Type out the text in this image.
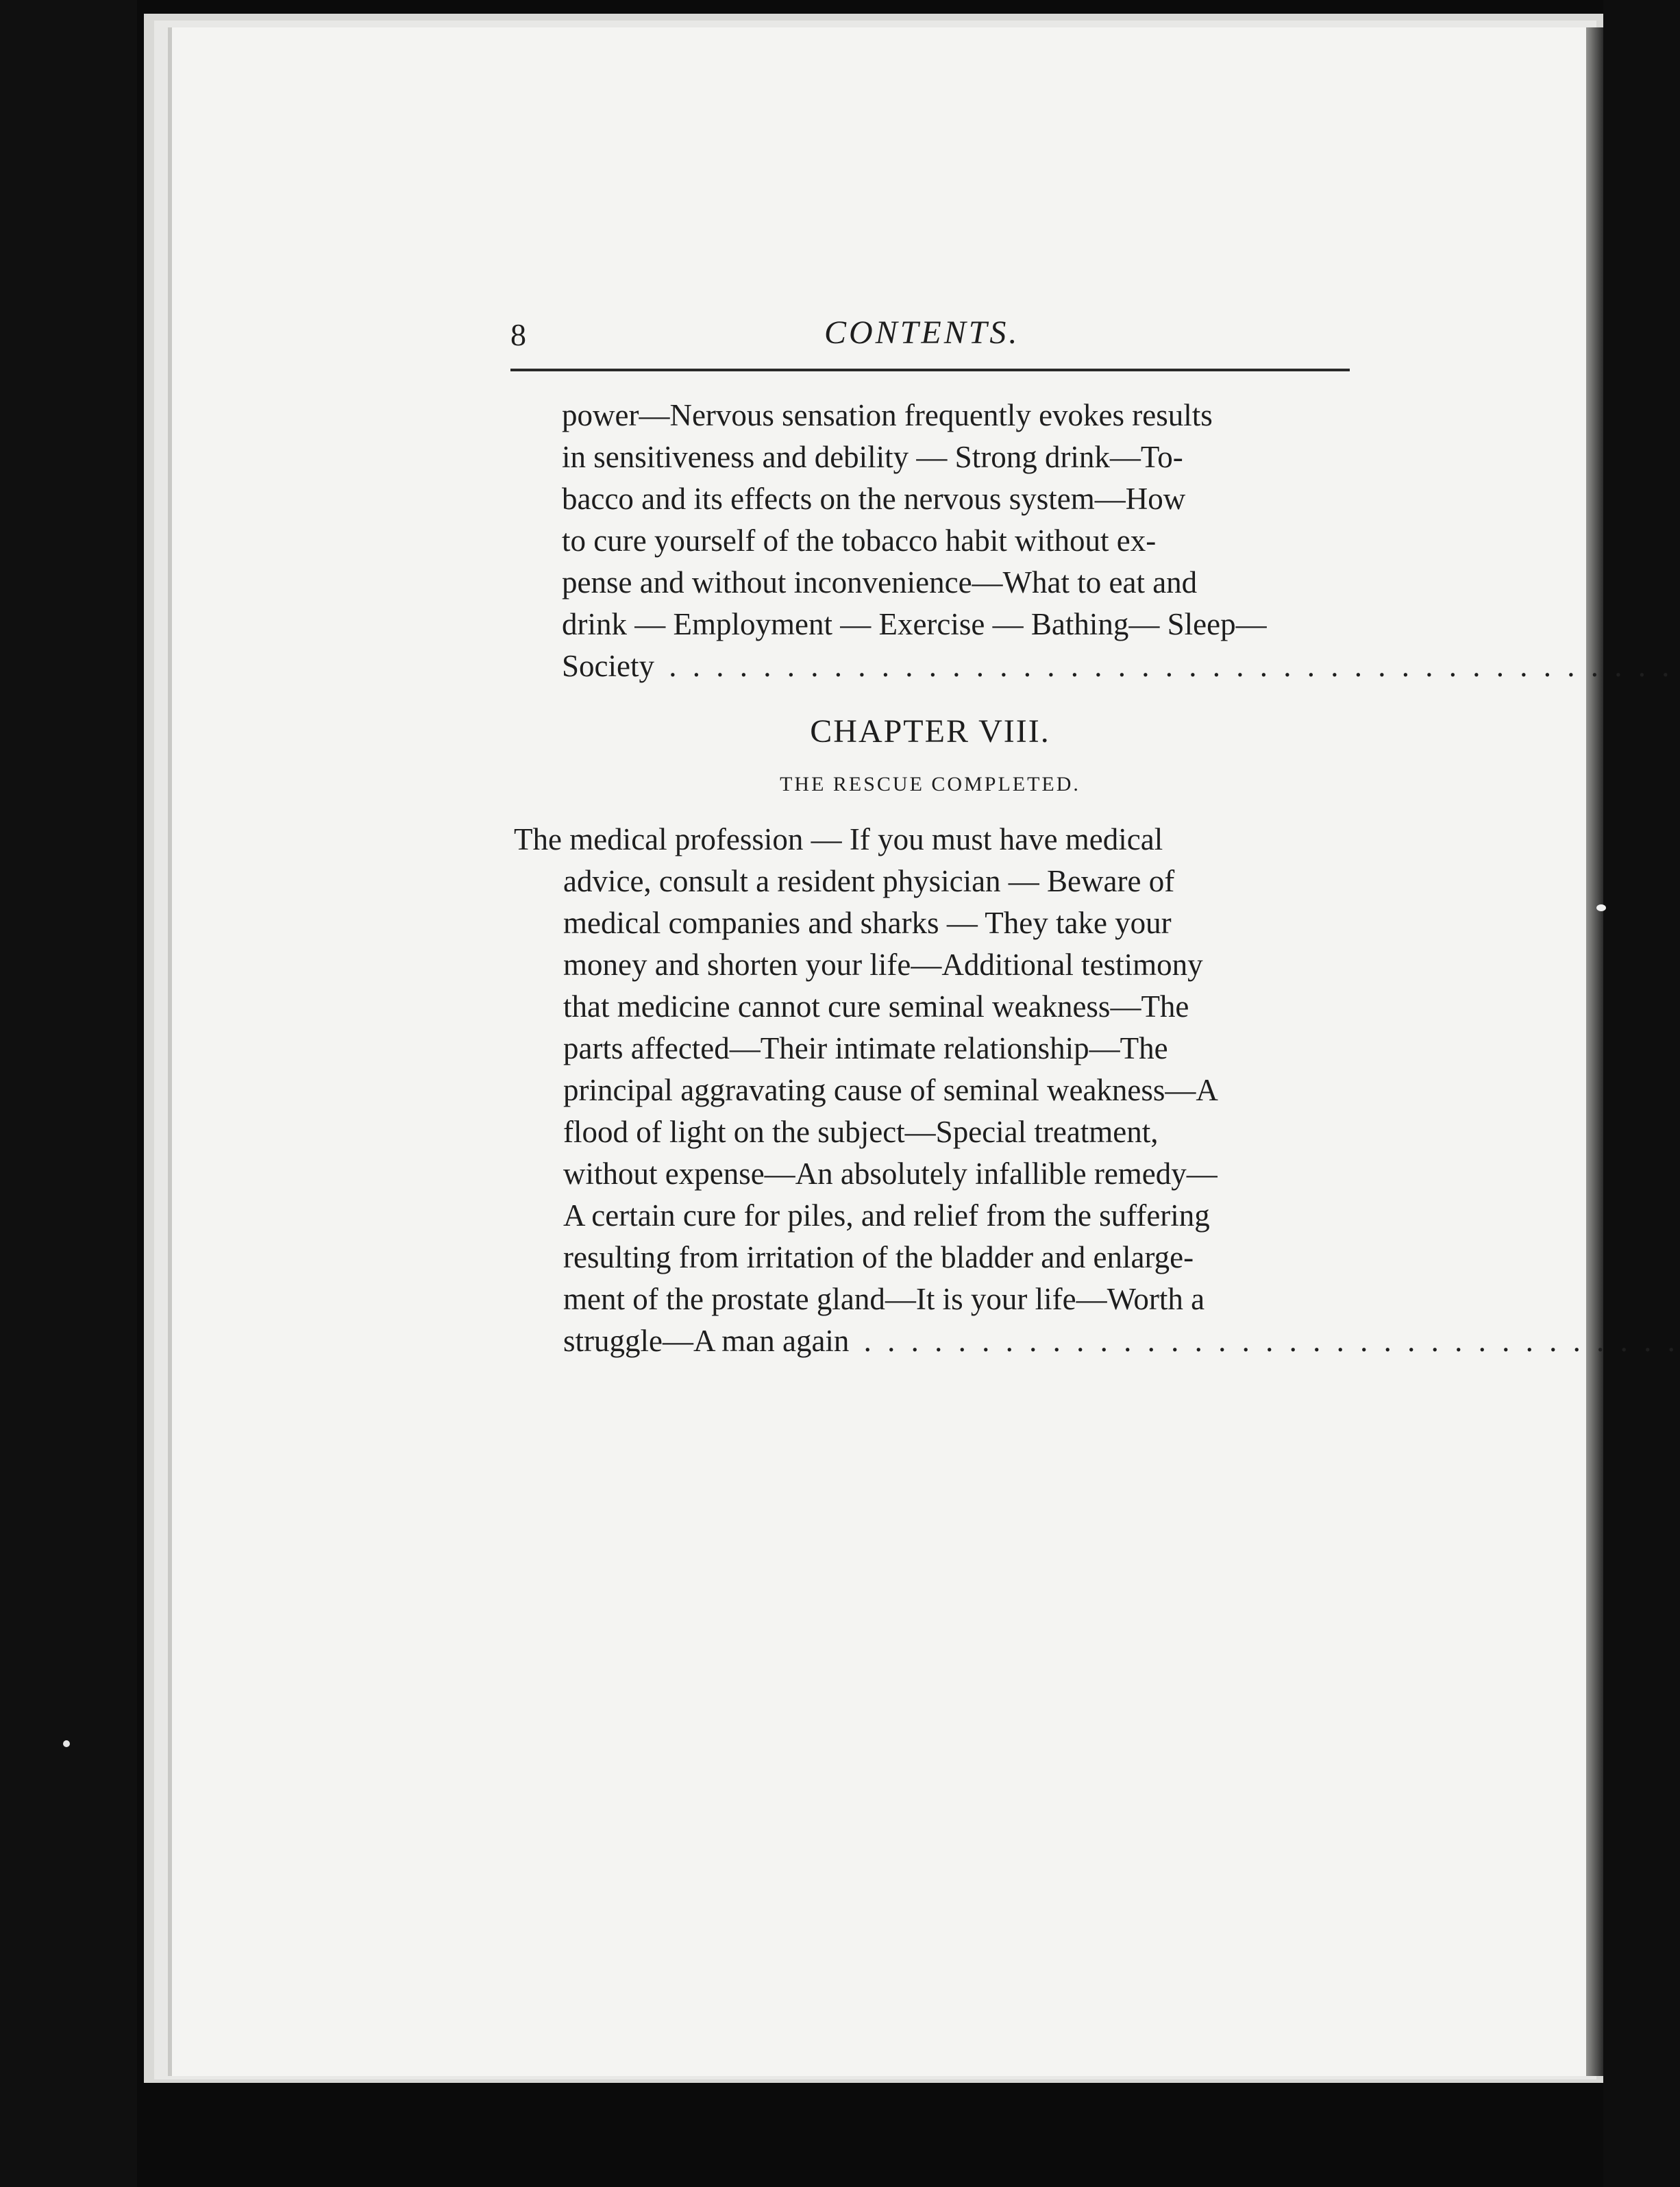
8	CONTENTS.
power—Nervous sensation frequently evokes results
in sensitiveness and debility — Strong drink—To-
bacco and its effects on the nervous system—How
to cure yourself of the tobacco habit without ex-
pense and without inconvenience—What to eat and
drink — Employment — Exercise — Bathing— Sleep—
Society . . .
CHAPTER VIII.
THE RESCUE COMPLETED.
The medical profession — If you must have medical
advice, consult a resident physician — Beware of
medical companies and sharks — They take your
money and shorten your life—Additional testimony
that medicine cannot cure seminal weakness—The
parts affected—Their intimate relationship—The
principal aggravating cause of seminal weakness—A
flood of light on the subject—Special treatment,
without expense—An absolutely infallible remedy—
A certain cure for piles, and relief from the suffering
resulting from irritation of the bladder and enlarge-
ment of the prostate gland—It is your life—Worth a
struggle—A man again . . .
